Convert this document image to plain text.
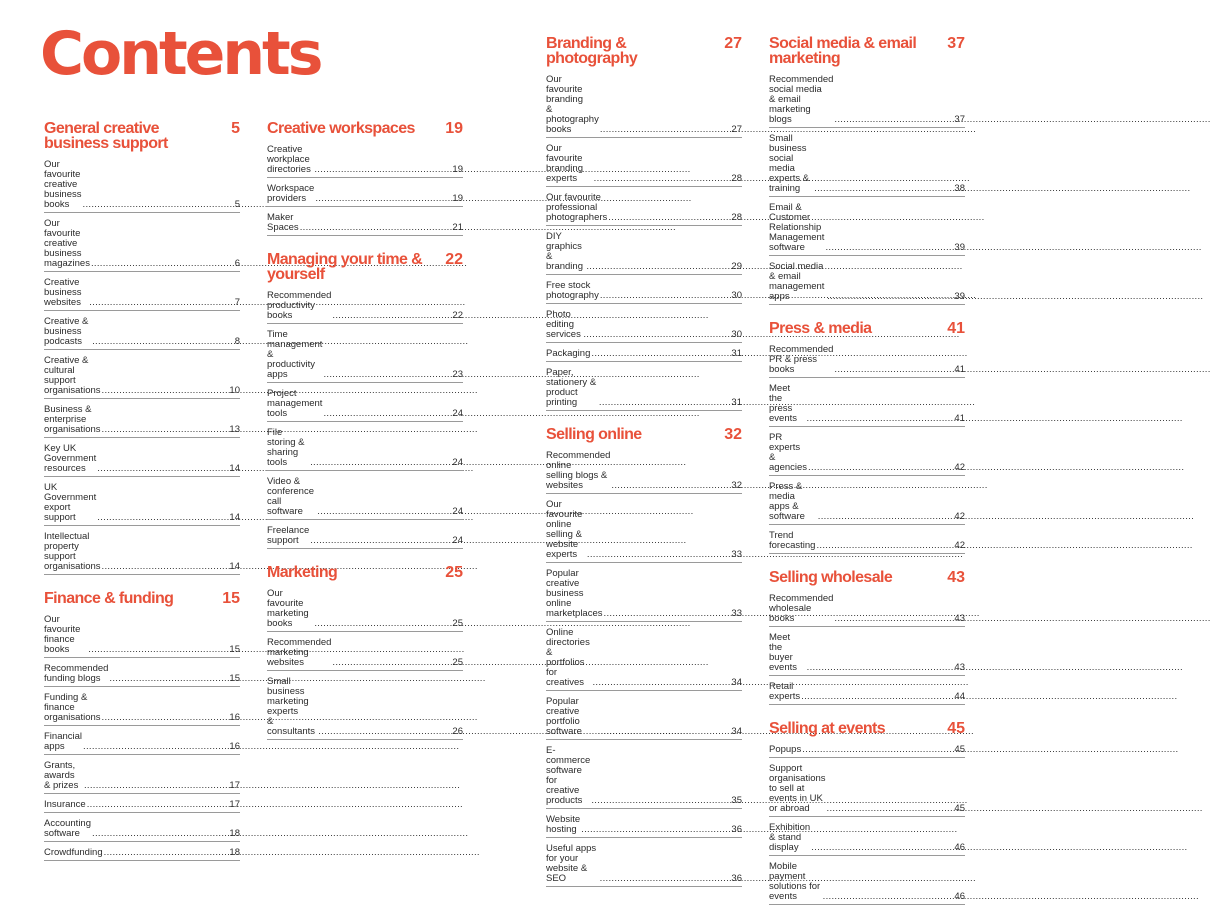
Contents
General creative business support
5
Our favourite creative
business books .....	5
Our favourite creative
business magazines .....	6
Creative business websites .....	7
Creative & business podcasts .....	8
Creative & cultural
support organisations .....	10
Business & enterprise organisations .....	13
Key UK Government resources .....	14
UK Government export support .....	14
Intellectual property
support organisations .....	14
Finance & funding	15
Our favourite finance books .....	15
Recommended funding blogs .....	15
Funding & finance organisations .....	16
Financial apps .....	16
Grants, awards & prizes .....	17
Insurance .....	17
Accounting software .....	18
Crowdfunding .....	18
Creative workspaces 19
Creative workplace directories .....	19
Workspace providers .....	19
Maker Spaces .....	21
Managing your time & yourself
22
Recommended productivity books .....	22
Time management
& productivity apps .....	23
Project management tools .....	24
File storing & sharing tools .....	24
Video & conference call software .....	24
Freelance support .....	24
Marketing	25
Our favourite marketing books .....	25
Recommended marketing websites .....	25
Small business marketing experts
& consultants .....	26
Branding & photography
27
Our favourite branding
& photography books .....	27
Our favourite branding experts .....	28
Our favourite professional
photographers .....	28
DIY graphics & branding .....	29
Free stock photography .....	30
Photo editing services .....	30
Packaging .....	31
Paper, stationery & product printing .....	31
Selling online	32
Recommended online
selling blogs & websites .....	32
Our favourite online
selling & website experts .....	33
Popular creative business
online marketplaces .....	33
Online directories & portfolios
for creatives .....	34
Popular creative portfolio software .....	34
E-commerce software
for creative products .....	35
Website hosting .....	36
Useful apps for your website & SEO .....	36
Social media & email marketing
37
Recommended social media
& email marketing blogs .....	37
Small business social media
experts & training .....	38
Email & Customer Relationship
Management software .....	39
Social media & email management apps .....	39
Press & media	41
Recommended PR & press books .....	41
Meet the press events .....	41
PR experts & agencies .....	42
Press & media apps & software .....	42
Trend forecasting .....	42
Selling wholesale	43
Recommended wholesale books .....	43
Meet the buyer events .....	43
Retail experts .....	44
Selling at events	45
Popups .....	45
Support organisations
to sell at events in UK or abroad .....	45
Exhibition & stand display .....	46
Mobile payment solutions for events .....	46
